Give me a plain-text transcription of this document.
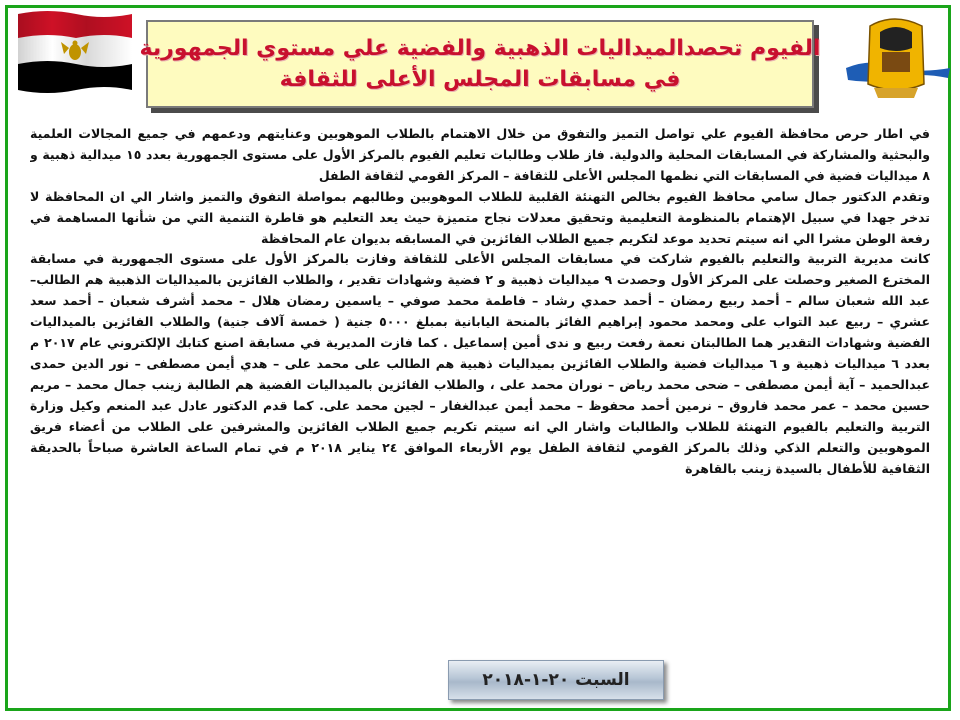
الفيوم تحصدالميداليات الذهبية والفضية علي مستوي الجمهورية
في مسابقات المجلس الأعلى للثقافة

في اطار حرص محافظة الفيوم علي تواصل التميز والتفوق من خلال الاهتمام بالطلاب الموهوبين وعنايتهم ودعمهم في جميع المجالات العلمية والبحثية والمشاركة في المسابقات المحلية والدولية. فاز طلاب وطالبات تعليم الفيوم بالمركز الأول على مستوى الجمهورية بعدد ١٥ ميدالية ذهبية و ٨ ميداليات فضية في المسابقات التي نظمها المجلس الأعلى للثقافة – المركز القومي لثقافة الطفل

وتقدم الدكتور جمال سامي محافظ الفيوم بخالص التهنئة القلبية للطلاب الموهوبين وطالبهم بمواصلة التفوق والتميز واشار الي ان المحافظة لا تدخر جهدا في سبيل الإهتمام بالمنظومة التعليمية وتحقيق معدلات نجاح متميزة حيث يعد التعليم هو قاطرة التنمية التي من شأنها المساهمة في رفعة الوطن مشرا الي انه سيتم تحديد موعد لتكريم جميع الطلاب الفائزين في المسابقه بديوان عام المحافظة

كانت مديرية التربية والتعليم بالفيوم شاركت في مسابقات المجلس الأعلى للثقافة وفازت بالمركز الأول على مستوى الجمهورية في مسابقة المخترع الصغير وحصلت على المركز الأول وحصدت ٩ ميداليات ذهبية و ٢ فضية وشهادات تقدير ، والطلاب الفائزين بالميداليات الذهبية هم الطالب– عبد الله شعبان سالم – أحمد ربيع رمضان – أحمد حمدي رشاد – فاطمة محمد صوفي – ياسمين رمضان هلال – محمد أشرف شعبان – أحمد سعد عشري – ربيع عبد التواب على ومحمد محمود إبراهيم الفائز بالمنحة اليابانية بمبلغ ٥٠٠٠ جنية ( خمسة آلاف جنية) والطلاب الفائزين بالميداليات الفضية وشهادات التقدير هما الطالبتان نعمة رفعت ربيع و ندى أمين إسماعيل . كما فازت المديرية في مسابقة اصنع كتابك الإلكتروني عام ٢٠١٧ م بعدد ٦ ميداليات ذهبية و ٦ ميداليات فضية والطلاب الفائزين بميداليات ذهبية هم الطالب على محمد على – هدي أيمن مصطفى – نور الدين حمدى عبدالحميد – آية أيمن مصطفى – ضحى محمد رياض – نوران محمد على ، والطلاب الفائزين بالميداليات الفضية هم الطالبة زينب جمال محمد – مريم حسين محمد – عمر محمد فاروق – نرمين أحمد محفوظ – محمد أيمن عبدالغفار – لجين محمد على. كما قدم الدكتور عادل عبد المنعم وكيل وزارة التربية والتعليم بالفيوم التهنئة للطلاب والطالبات واشار الي انه سيتم تكريم جميع الطلاب الفائزين والمشرفين على الطلاب من أعضاء فريق الموهوبين والتعلم الذكي وذلك بالمركز القومي لثقافة الطفل يوم الأربعاء الموافق ٢٤ يناير ٢٠١٨ م في تمام الساعة العاشرة صباحاً بالحديقة الثقافية للأطفال بالسيدة زينب بالقاهرة

السبت ٢٠-١-٢٠١٨
